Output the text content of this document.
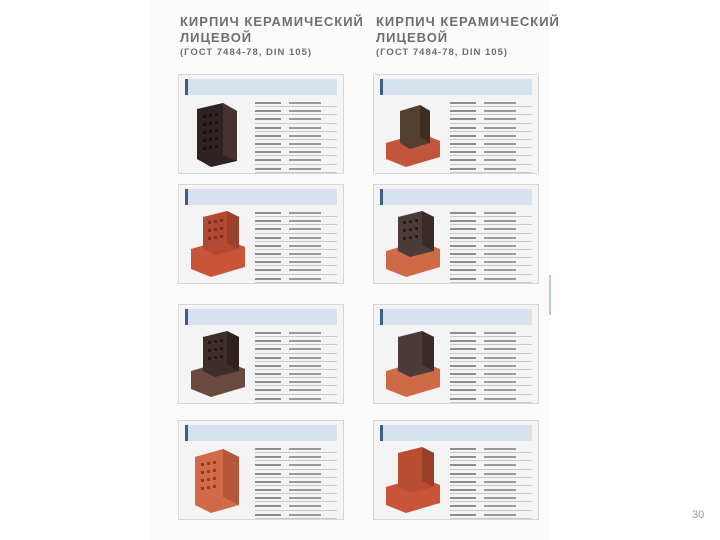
КИРПИЧ КЕРАМИЧЕСКИЙ
ЛИЦЕВОЙ
(ГОСТ 7484-78, DIN 105)
КИРПИЧ КЕРАМИЧЕСКИЙ
ЛИЦЕВОЙ
(ГОСТ 7484-78, DIN 105)
30
